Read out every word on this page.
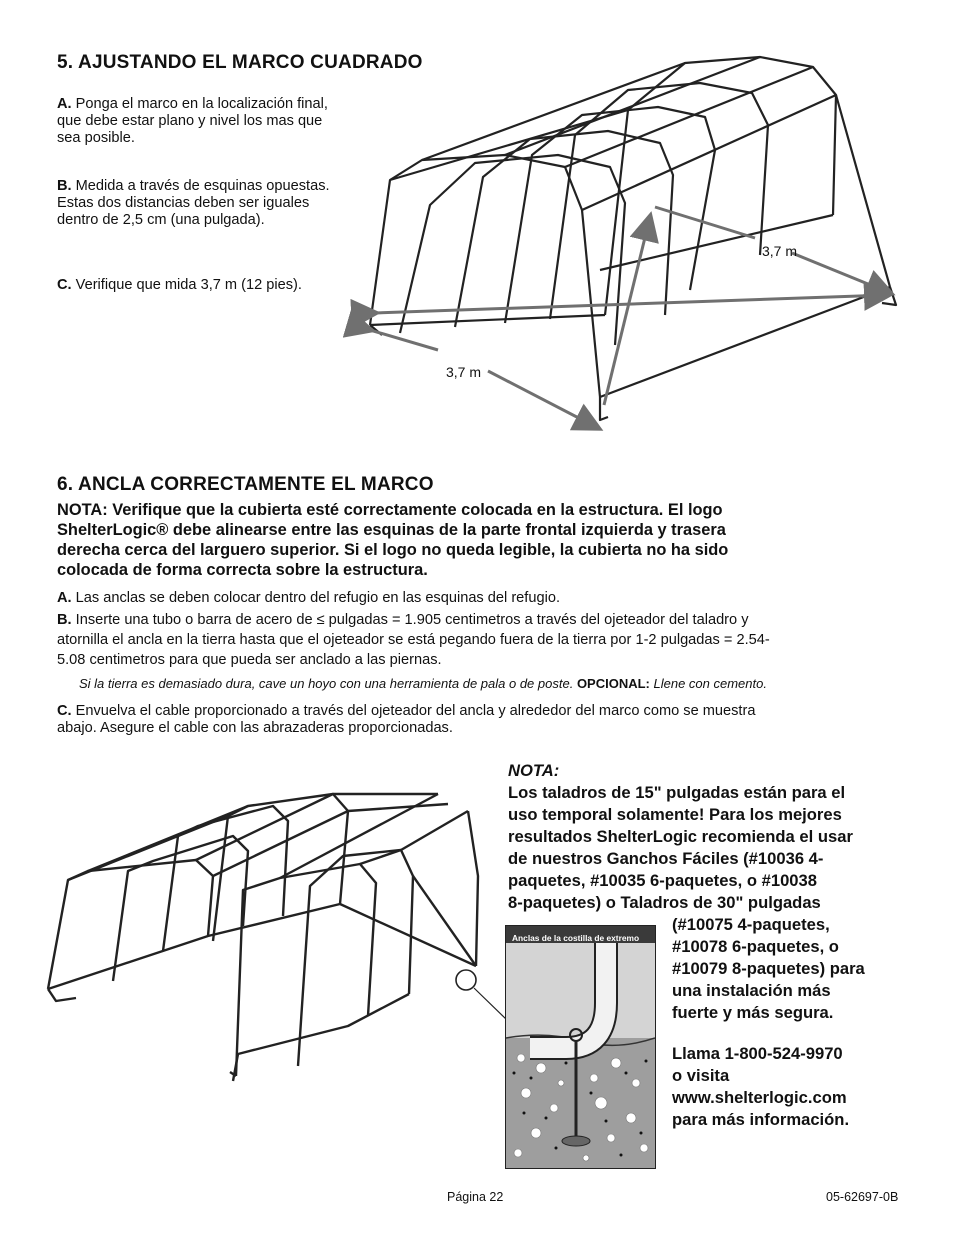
5. AJUSTANDO EL MARCO CUADRADO
A. Ponga el marco en la localización final, que debe estar plano y nivel los mas que sea posible.
B. Medida a través de esquinas opuestas. Estas dos distancias deben ser iguales dentro de 2,5 cm (una pulgada).
C. Verifique que mida 3,7 m (12 pies).
3,7 m
3,7 m
6. ANCLA CORRECTAMENTE EL MARCO
NOTA: Verifique que la cubierta esté correctamente colocada en la estructura. El logo
ShelterLogic® debe alinearse entre las esquinas de la parte frontal izquierda y trasera
derecha cerca del larguero superior. Si el logo no queda legible, la cubierta no ha sido
colocada de forma correcta sobre la estructura.
A. Las anclas se deben colocar dentro del refugio en las esquinas del refugio.
B. Inserte una tubo o barra de acero de ≤ pulgadas = 1.905 centimetros a través del ojeteador del taladro y
atornilla el ancla en la tierra hasta que el ojeteador se está pegando fuera de la tierra por 1-2 pulgadas = 2.54-
5.08 centimetros para que pueda ser anclado a las piernas.
Si la tierra es demasiado dura, cave un hoyo con una herramienta de pala o de poste. OPCIONAL: Llene con cemento.
C. Envuelva el cable proporcionado a través del ojeteador del ancla y alrededor del marco como se muestra
abajo. Asegure el cable con las abrazaderas proporcionadas.
Anclas de la costilla de extremo
NOTA:
Los taladros de 15" pulgadas están para el
uso temporal solamente! Para los mejores
resultados ShelterLogic recomienda el usar
de nuestros Ganchos Fáciles (#10036 4-
paquetes, #10035 6-paquetes, o #10038
8-paquetes) o Taladros de 30" pulgadas
(#10075 4-paquetes,
#10078 6-paquetes, o
#10079 8-paquetes) para
una instalación más
fuerte y más segura.
Llama 1-800-524-9970
o visita
www.shelterlogic.com
para más información.
Página 22	05-62697-0B
